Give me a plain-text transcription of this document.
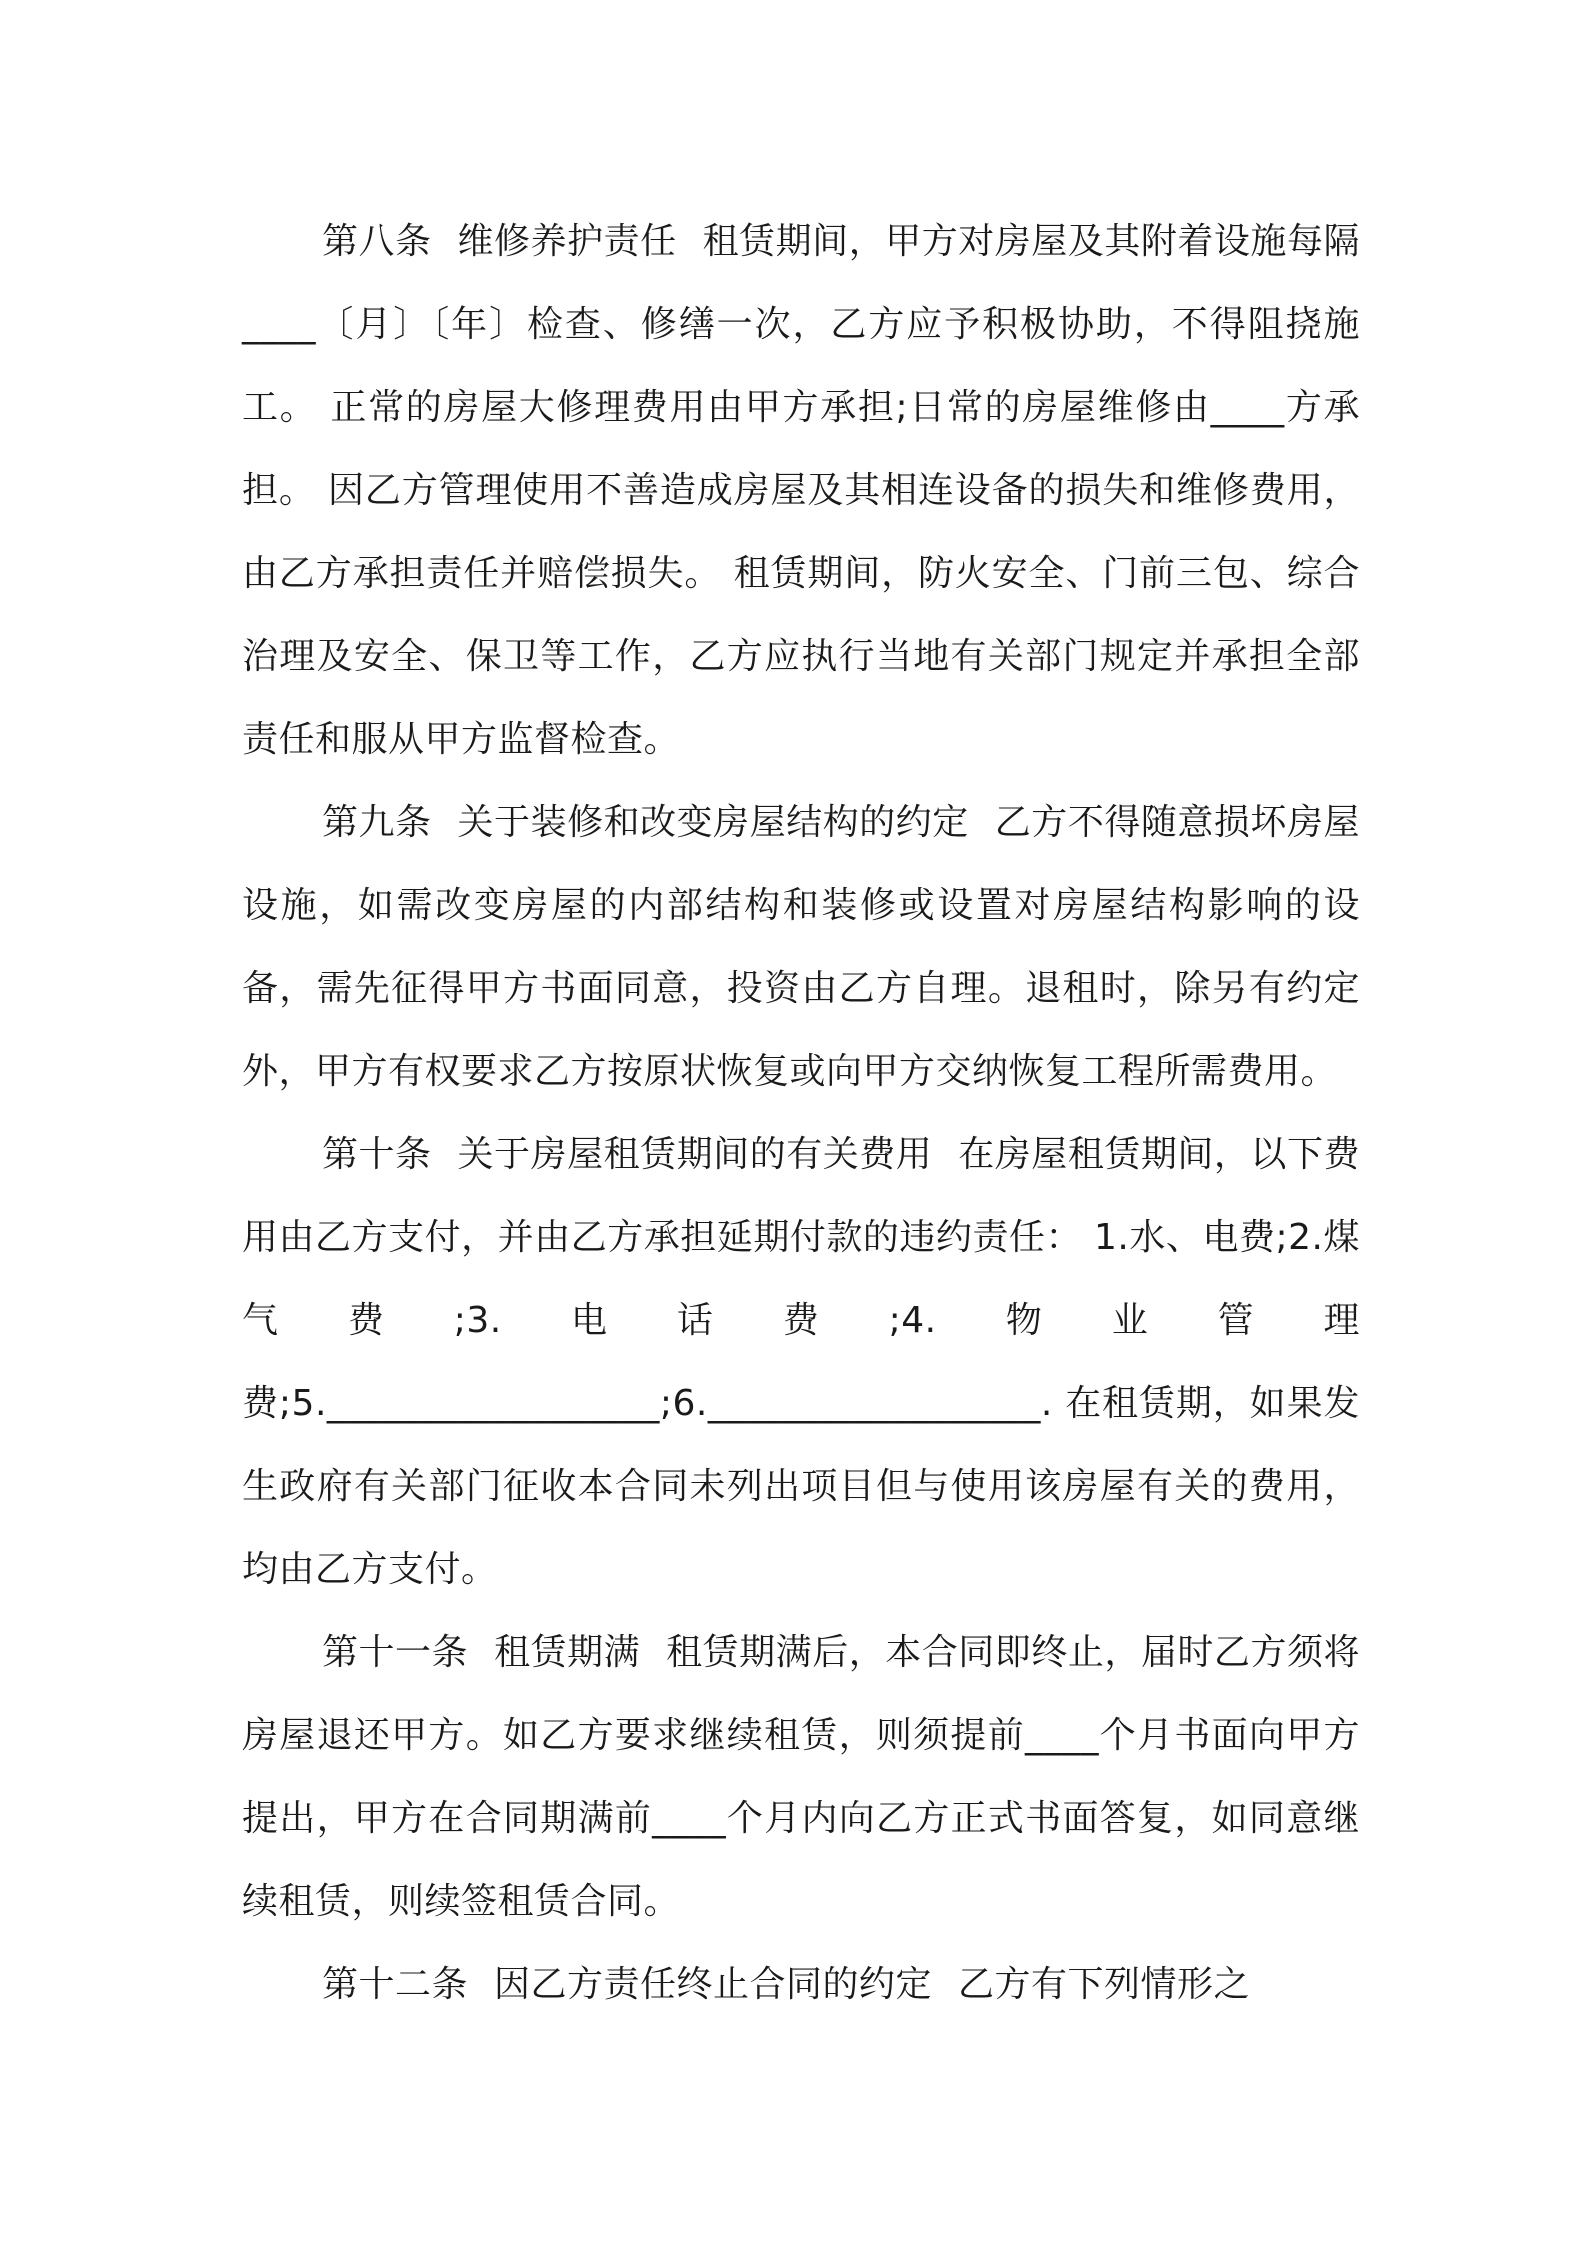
第八条 维修养护责任 租赁期间，甲方对房屋及其附着设施每隔 ____〔月〕〔年〕检查、修缮一次，乙方应予积极协助，不得阻挠施工。 正常的房屋大修理费用由甲方承担;日常的房屋维修由____方承担。 因乙方管理使用不善造成房屋及其相连设备的损失和维修费用，由乙方承担责任并赔偿损失。 租赁期间，防火安全、门前三包、综合治理及安全、保卫等工作，乙方应执行当地有关部门规定并承担全部责任和服从甲方监督检查。

第九条 关于装修和改变房屋结构的约定 乙方不得随意损坏房屋设施，如需改变房屋的内部结构和装修或设置对房屋结构影响的设备，需先征得甲方书面同意，投资由乙方自理。退租时，除另有约定外，甲方有权要求乙方按原状恢复或向甲方交纳恢复工程所需费用。

第十条 关于房屋租赁期间的有关费用 在房屋租赁期间，以下费用由乙方支付，并由乙方承担延期付款的违约责任： 1.水、电费;2.煤气费;3.电话费;4.物业管理费;5.__________________;6.__________________. 在租赁期，如果发生政府有关部门征收本合同未列出项目但与使用该房屋有关的费用，均由乙方支付。

第十一条 租赁期满 租赁期满后，本合同即终止，届时乙方须将房屋退还甲方。如乙方要求继续租赁，则须提前____个月书面向甲方提出，甲方在合同期满前____个月内向乙方正式书面答复，如同意继续租赁，则续签租赁合同。

第十二条 因乙方责任终止合同的约定 乙方有下列情形之
